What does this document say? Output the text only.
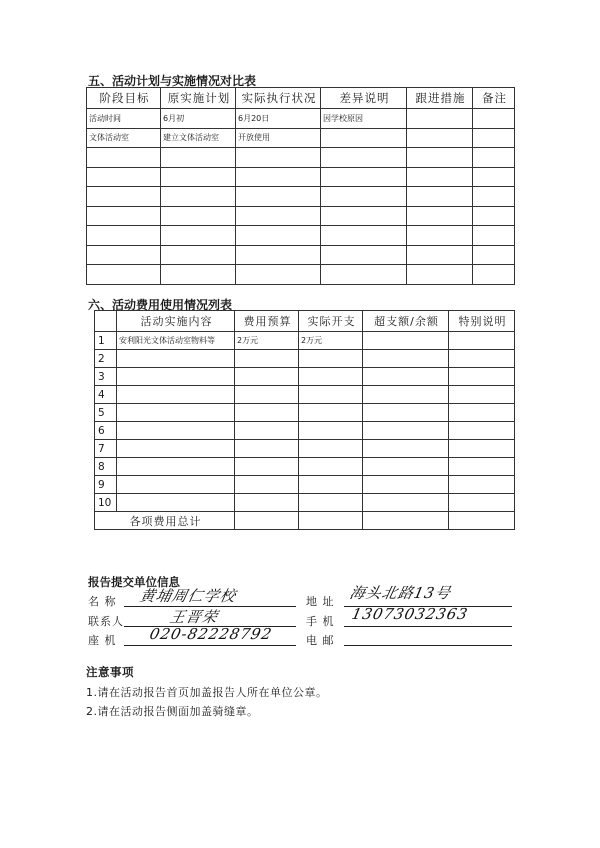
五、活动计划与实施情况对比表
阶段目标	原实施计划	实际执行状况	差异说明	跟进措施	备注
活动时间	6月初	6月20日	因学校原因		
文体活动室	建立文体活动室	开放使用			

六、活动费用使用情况列表
	活动实施内容	费用预算	实际开支	超支额/余额	特别说明
1	安利阳光文体活动室物料等	2万元	2万元		
2					
3					
4					
5					
6					
7					
8					
9					
10					
各项费用总计					
报告提交单位信息
名 称 黄埔周仁学校	地 址 海头北路13号
联系人	王晋荣	手 机 13073032363
座 机 020-82228792	电 邮
注意事项
1.请在活动报告首页加盖报告人所在单位公章。
2.请在活动报告侧面加盖骑缝章。
